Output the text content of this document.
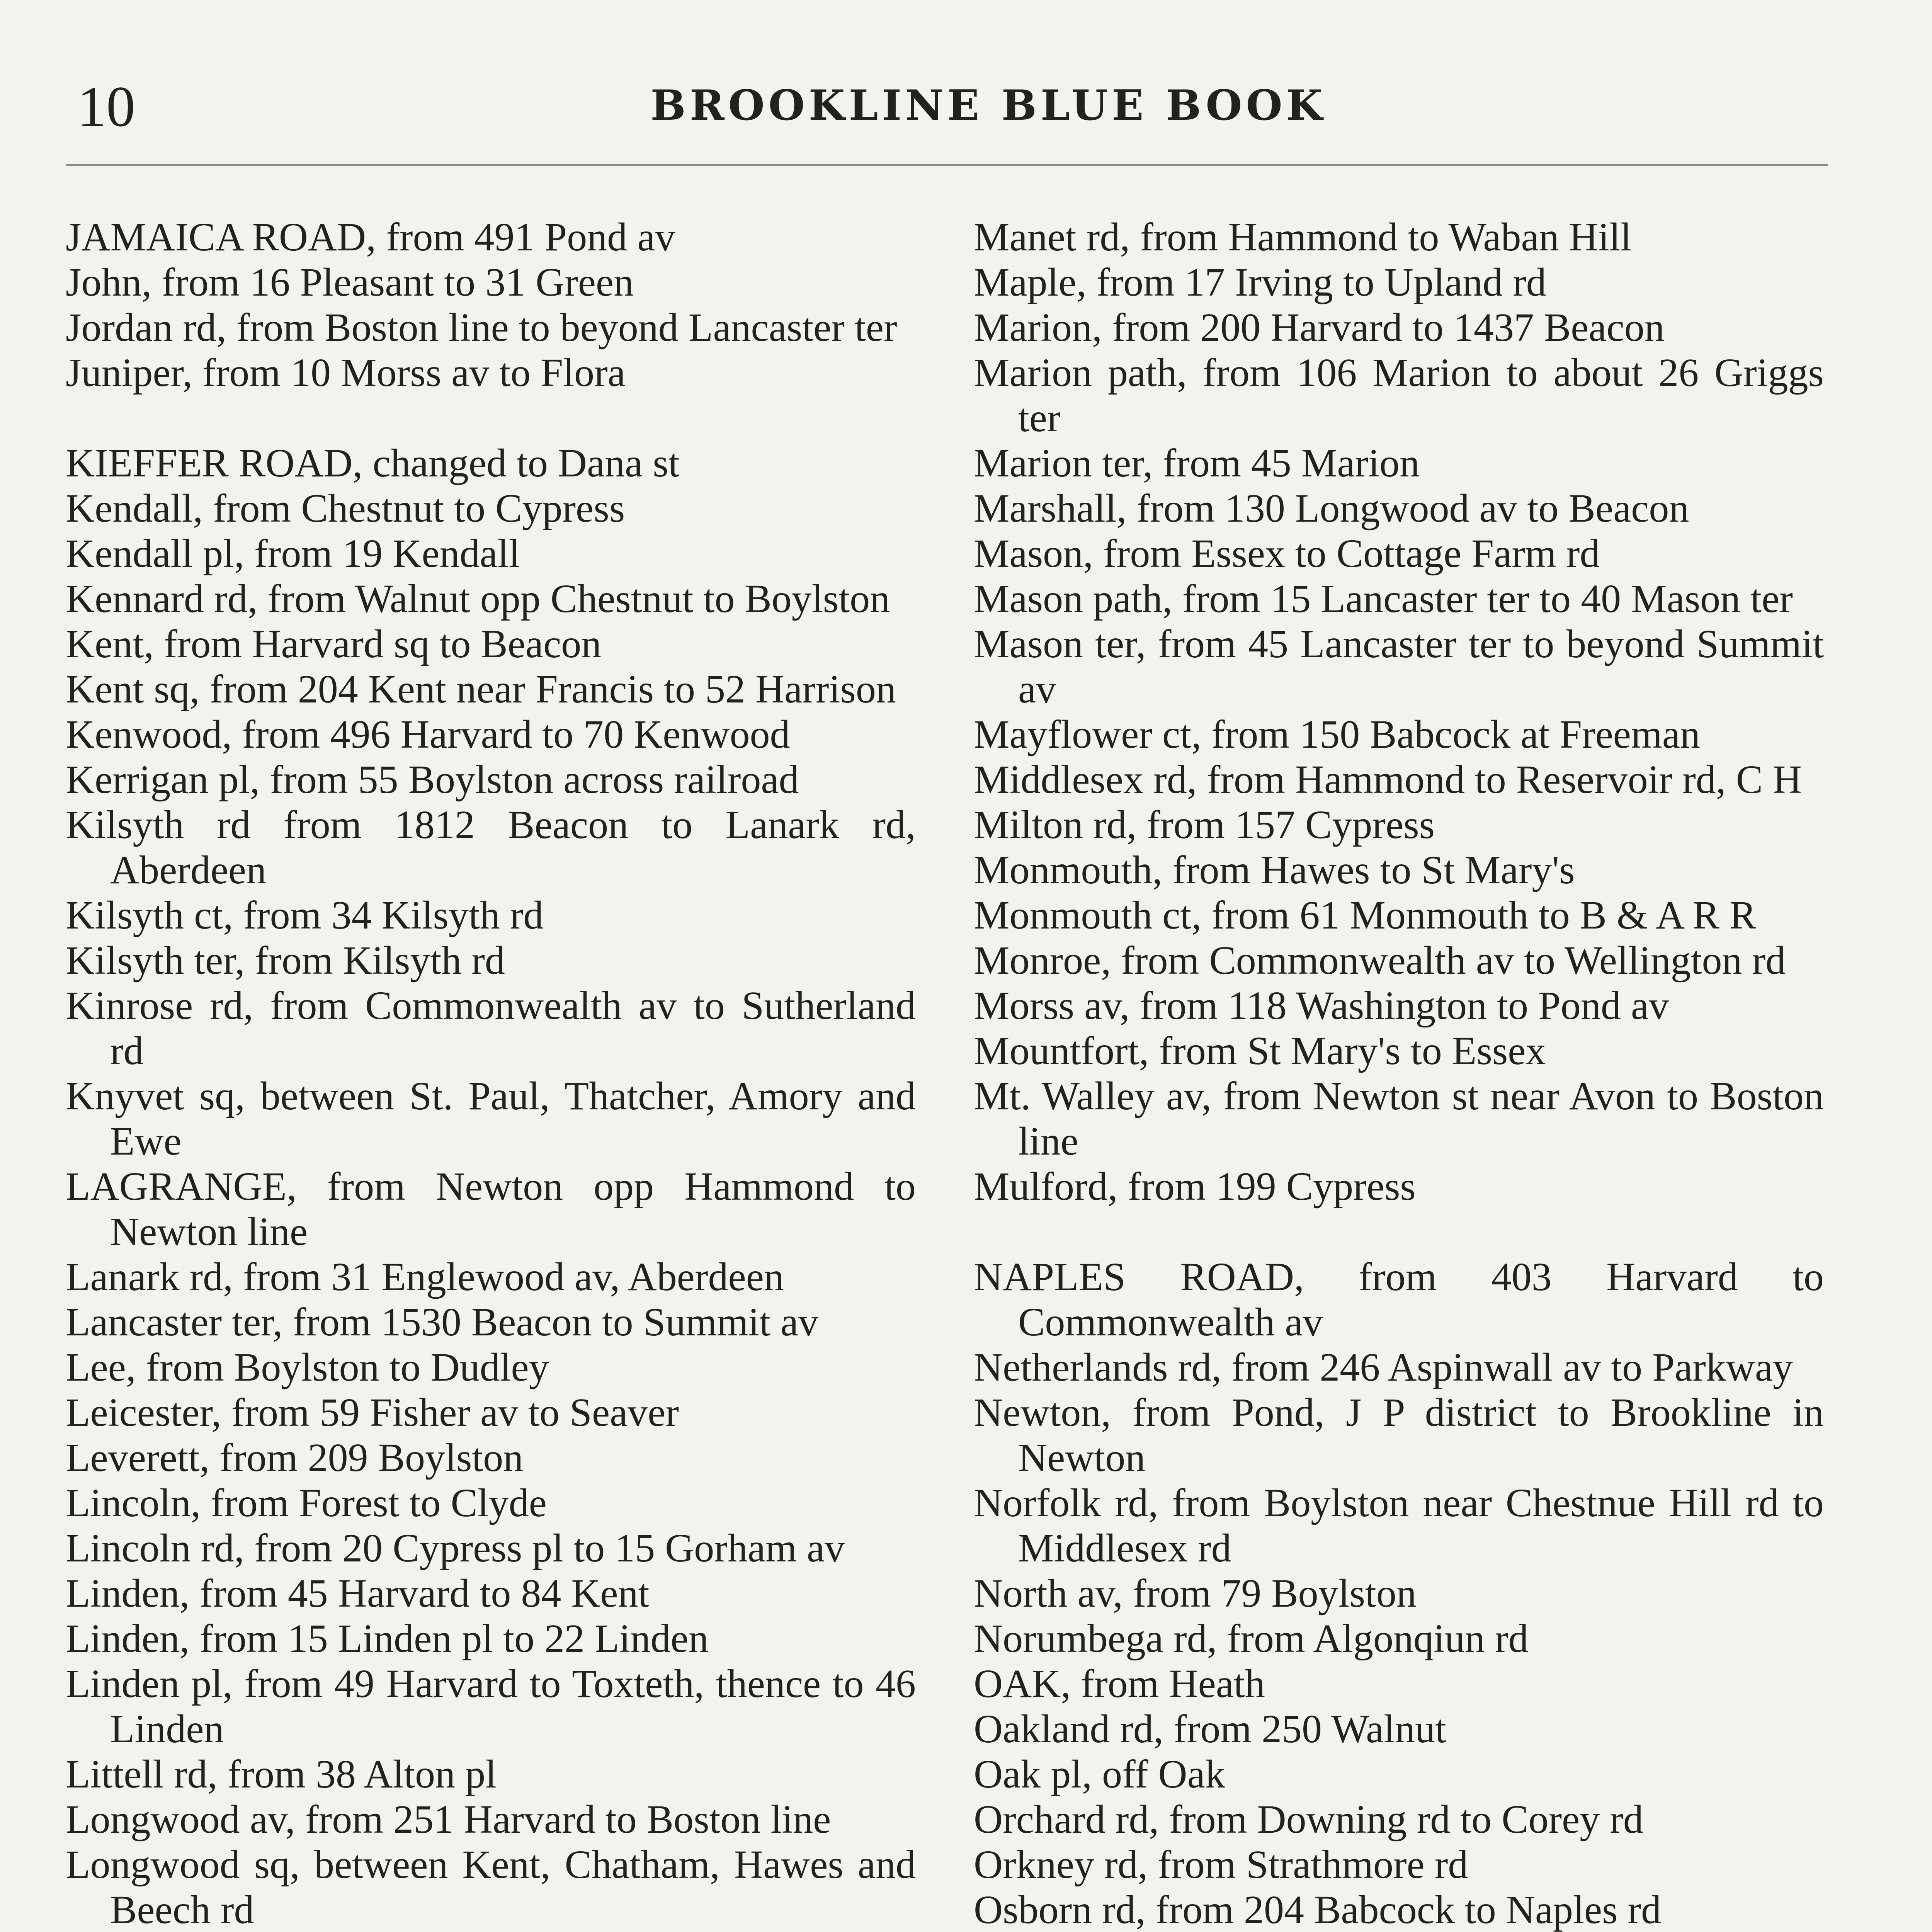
10	BROOKLINE BLUE BOOK

JAMAICA ROAD, from 491 Pond av

John, from 16 Pleasant to 31 Green

Jordan rd, from Boston line to beyond Lancaster ter

Juniper, from 10 Morss av to Flora

KIEFFER ROAD, changed to Dana st

Kendall, from Chestnut to Cypress

Kendall pl, from 19 Kendall

Kennard rd, from Walnut opp Chestnut to Boylston

Kent, from Harvard sq to Beacon

Kent sq, from 204 Kent near Francis to 52 Harrison

Kenwood, from 496 Harvard to 70 Kenwood

Kerrigan pl, from 55 Boylston across railroad

Kilsyth rd from 1812 Beacon to Lanark rd, Aberdeen

Kilsyth ct, from 34 Kilsyth rd

Kilsyth ter, from Kilsyth rd

Kinrose rd, from Commonwealth av to Sutherland rd

Knyvet sq, between St. Paul, Thatcher, Amory and Ewe

LAGRANGE, from Newton opp Hammond to Newton line

Lanark rd, from 31 Englewood av, Aberdeen

Lancaster ter, from 1530 Beacon to Summit av

Lee, from Boylston to Dudley

Leicester, from 59 Fisher av to Seaver

Leverett, from 209 Boylston

Lincoln, from Forest to Clyde

Lincoln rd, from 20 Cypress pl to 15 Gorham av

Linden, from 45 Harvard to 84 Kent

Linden, from 15 Linden pl to 22 Linden

Linden pl, from 49 Harvard to Toxteth, thence to 46 Linden

Littell rd, from 38 Alton pl

Longwood av, from 251 Harvard to Boston line

Longwood sq, between Kent, Chatham, Hawes and Beech rd

Manet rd, from Hammond to Waban Hill

Maple, from 17 Irving to Upland rd

Marion, from 200 Harvard to 1437 Beacon

Marion path, from 106 Marion to about 26 Griggs ter

Marion ter, from 45 Marion

Marshall, from 130 Longwood av to Beacon

Mason, from Essex to Cottage Farm rd

Mason path, from 15 Lancaster ter to 40 Mason ter

Mason ter, from 45 Lancaster ter to beyond Summit av

Mayflower ct, from 150 Babcock at Freeman

Middlesex rd, from Hammond to Reservoir rd, C H

Milton rd, from 157 Cypress

Monmouth, from Hawes to St Mary's

Monmouth ct, from 61 Monmouth to B & A R R

Monroe, from Commonwealth av to Wellington rd

Morss av, from 118 Washington to Pond av

Mountfort, from St Mary's to Essex

Mt. Walley av, from Newton st near Avon to Boston line

Mulford, from 199 Cypress

NAPLES ROAD, from 403 Harvard to Commonwealth av

Netherlands rd, from 246 Aspinwall av to Parkway

Newton, from Pond, J P district to Brookline in Newton

Norfolk rd, from Boylston near Chestnue Hill rd to Middlesex rd

North av, from 79 Boylston

Norumbega rd, from Algonqiun rd

OAK, from Heath

Oakland rd, from 250 Walnut

Oak pl, off Oak

Orchard rd, from Downing rd to Corey rd

Orkney rd, from Strathmore rd

Osborn rd, from 204 Babcock to Naples rd
